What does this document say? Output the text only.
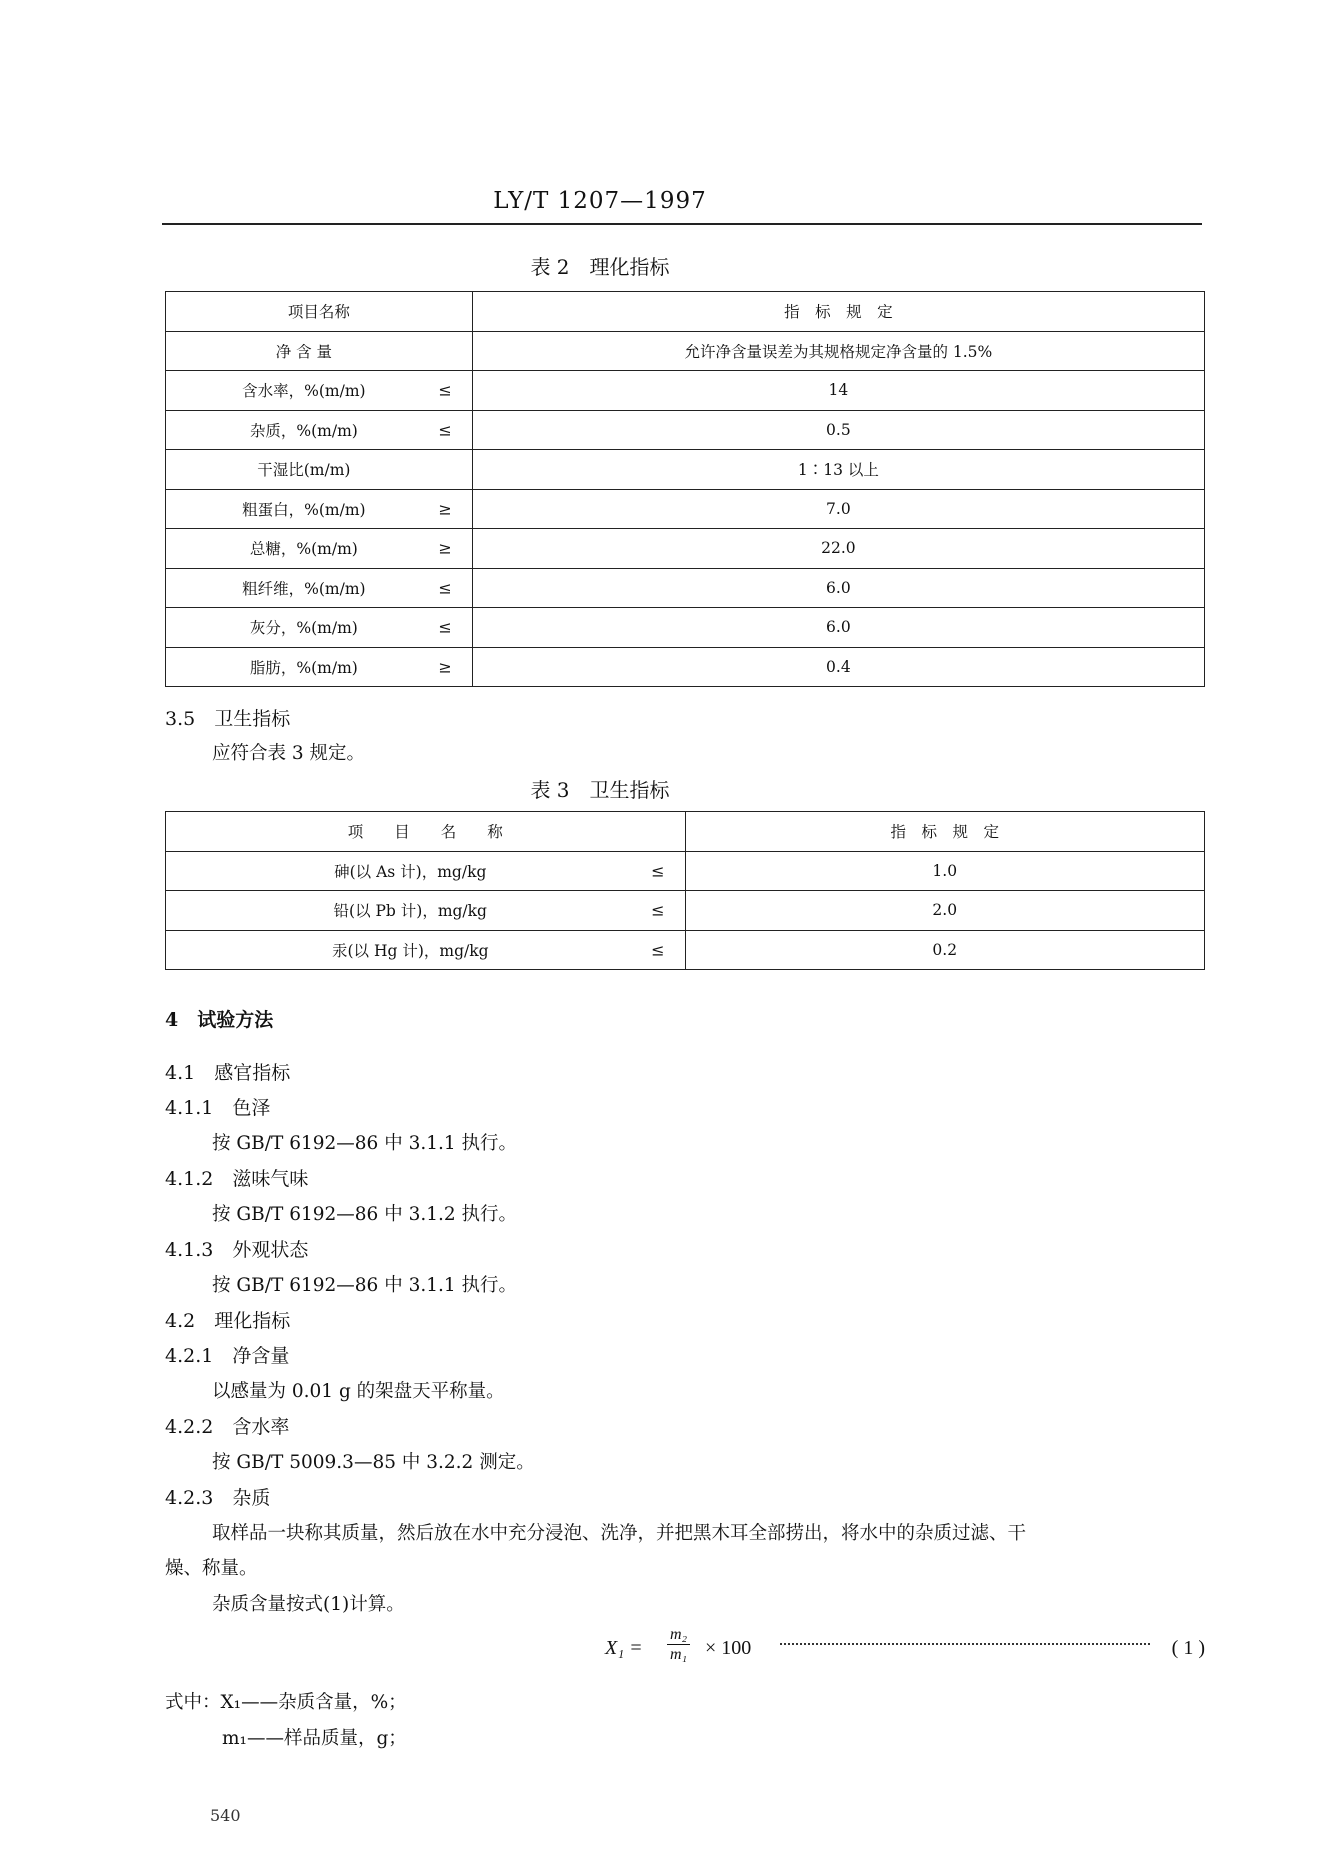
LY/T 1207—1997
表 2　理化指标
项目名称	指　标　规　定
净 含 量	允许净含量误差为其规格规定净含量的 1.5%
含水率，%(m/m) ≤	14
杂质，%(m/m) ≤	0.5
干湿比(m/m)	1∶13 以上
粗蛋白，%(m/m) ≥	7.0
总糖，%(m/m) ≥	22.0
粗纤维，%(m/m) ≤	6.0
灰分，%(m/m) ≤	6.0
脂肪，%(m/m) ≥	0.4
3.5　卫生指标
应符合表 3 规定。
表 3　卫生指标
项　　目　　名　　称	指　标　规　定
砷(以 As 计)，mg/kg ≤	1.0
铅(以 Pb 计)，mg/kg ≤	2.0
汞(以 Hg 计)，mg/kg ≤	0.2
4　试验方法
4.1　感官指标
4.1.1　色泽
按 GB/T 6192—86 中 3.1.1 执行。
4.1.2　滋味气味
按 GB/T 6192—86 中 3.1.2 执行。
4.1.3　外观状态
按 GB/T 6192—86 中 3.1.1 执行。
4.2　理化指标
4.2.1　净含量
以感量为 0.01 g 的架盘天平称量。
4.2.2　含水率
按 GB/T 5009.3—85 中 3.2.2 测定。
4.2.3　杂质
取样品一块称其质量，然后放在水中充分浸泡、洗净，并把黑木耳全部捞出，将水中的杂质过滤、干
燥、称量。
杂质含量按式(1)计算。
$X_1 = \frac{\text{m₂}}{\text{m₁}} \times 100$	( 1 )
式中：X₁——杂质含量，%；
m₁——样品质量，g；
540
